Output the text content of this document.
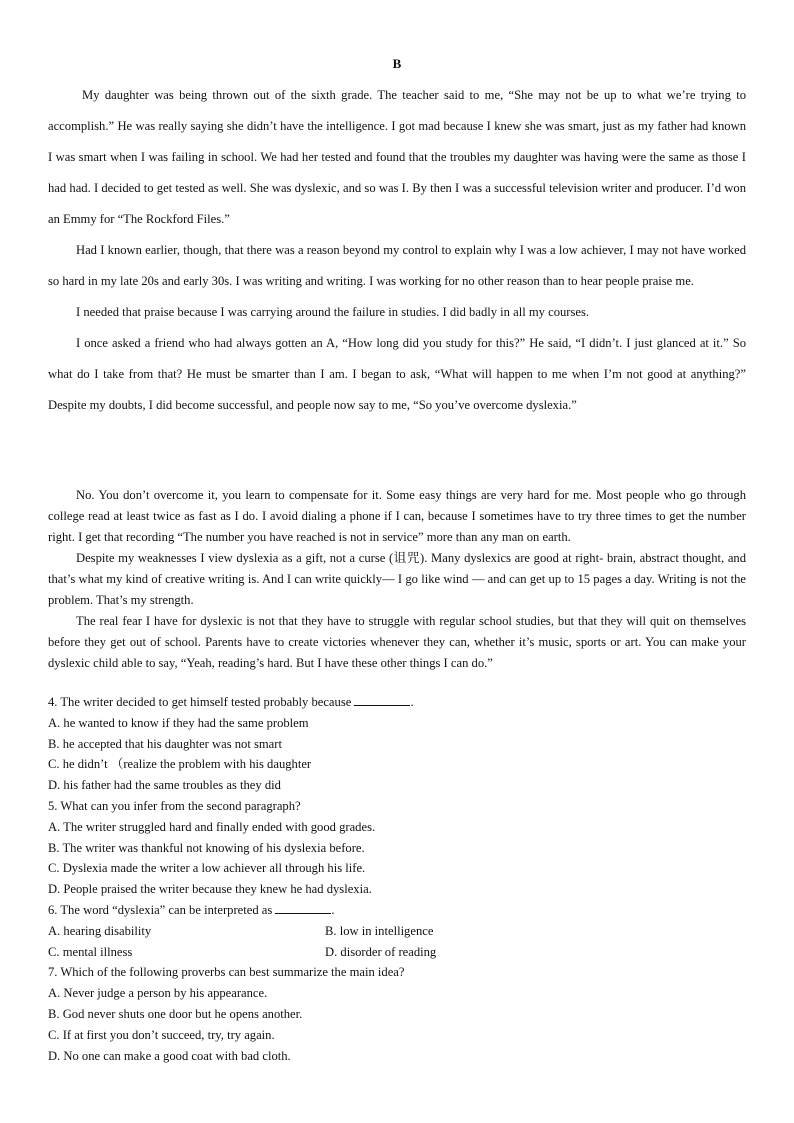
B

My daughter was being thrown out of the sixth grade. The teacher said to me, “She may not be up to what we’re trying to accomplish.” He was really saying she didn’t have the intelligence. I got mad because I knew she was smart, just as my father had known I was smart when I was failing in school. We had her tested and found that the troubles my daughter was having were the same as those I had had. I decided to get tested as well. She was dyslexic, and so was I. By then I was a successful television writer and producer. I’d won an Emmy for “The Rockford Files.”

Had I known earlier, though, that there was a reason beyond my control to explain why I was a low achiever, I may not have worked so hard in my late 20s and early 30s. I was writing and writing. I was working for no other reason than to hear people praise me.

I needed that praise because I was carrying around the failure in studies. I did badly in all my courses.

I once asked a friend who had always gotten an A, “How long did you study for this?” He said, “I didn’t. I just glanced at it.” So what do I take from that? He must be smarter than I am. I began to ask, “What will happen to me when I’m not good at anything?” Despite my doubts, I did become successful, and people now say to me, “So you’ve overcome dyslexia.”

No. You don’t overcome it, you learn to compensate for it. Some easy things are very hard for me. Most people who go through college read at least twice as fast as I do. I avoid dialing a phone if I can, because I sometimes have to try three times to get the number right. I get that recording “The number you have reached is not in service” more than any man on earth.

Despite my weaknesses I view dyslexia as a gift, not a curse (诅咒). Many dyslexics are good at right- brain, abstract thought, and that’s what my kind of creative writing is. And I can write quickly— I go like wind — and can get up to 15 pages a day. Writing is not the problem. That’s my strength.

The real fear I have for dyslexic is not that they have to struggle with regular school studies, but that they will quit on themselves before they get out of school. Parents have to create victories whenever they can, whether it’s music, sports or art. You can make your dyslexic child able to say, “Yeah, reading’s hard. But I have these other things I can do.”

4. The writer decided to get himself tested probably because	.
A. he wanted to know if they had the same problem
B. he accepted that his daughter was not smart
C. he didn’t （realize the problem with his daughter
D. his father had the same troubles as they did
5. What can you infer from the second paragraph?
A. The writer struggled hard and finally ended with good grades.
B. The writer was thankful not knowing of his dyslexia before.
C. Dyslexia made the writer a low achiever all through his life.
D. People praised the writer because they knew he had dyslexia.
6. The word “dyslexia” can be interpreted as	.
A. hearing disability	B. low in intelligence
C. mental illness	D. disorder of reading
7. Which of the following proverbs can best summarize the main idea?
A. Never judge a person by his appearance.
B. God never shuts one door but he opens another.
C. If at first you don’t succeed, try, try again.
D. No one can make a good coat with bad cloth.
